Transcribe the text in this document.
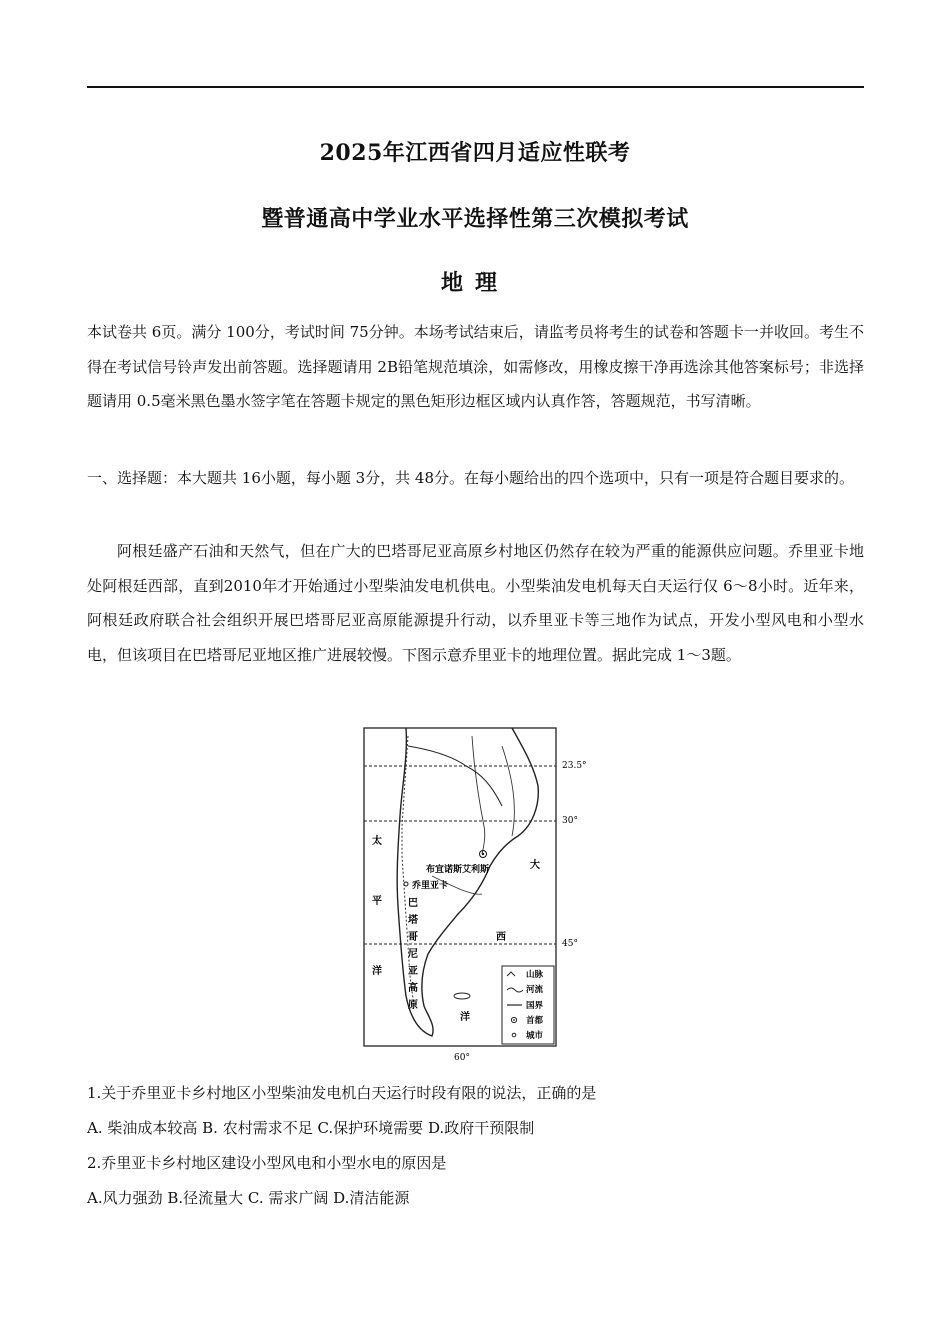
2025年江西省四月适应性联考
暨普通高中学业水平选择性第三次模拟考试
地理
本试卷共 6页。满分 100分，考试时间 75分钟。本场考试结束后，请监考员将考生的试卷和答题卡一并收回。考生不得在考试信号铃声发出前答题。选择题请用 2B铅笔规范填涂，如需修改，用橡皮擦干净再选涂其他答案标号；非选择题请用 0.5毫米黑色墨水签字笔在答题卡规定的黑色矩形边框区域内认真作答，答题规范，书写清晰。
一、选择题：本大题共 16小题，每小题 3分，共 48分。在每小题给出的四个选项中，只有一项是符合题目要求的。
阿根廷盛产石油和天然气，但在广大的巴塔哥尼亚高原乡村地区仍然存在较为严重的能源供应问题。乔里亚卡地处阿根廷西部，直到2010年才开始通过小型柴油发电机供电。小型柴油发电机每天白天运行仅 6～8小时。近年来，阿根廷政府联合社会组织开展巴塔哥尼亚高原能源提升行动，以乔里亚卡等三地作为试点，开发小型风电和小型水电，但该项目在巴塔哥尼亚地区推广进展较慢。下图示意乔里亚卡的地理位置。据此完成 1～3题。
23.5°
30°
45°
60°
布宜诺斯艾利斯
乔里亚卡
巴
塔
哥
尼
亚
高
原
太
平
洋
大
西
洋
山脉
河流
国界
首都
城市
1.关于乔里亚卡乡村地区小型柴油发电机白天运行时段有限的说法，正确的是
A. 柴油成本较高 B. 农村需求不足 C.保护环境需要 D.政府干预限制
2.乔里亚卡乡村地区建设小型风电和小型水电的原因是
A.风力强劲 B.径流量大 C. 需求广阔 D.清洁能源
